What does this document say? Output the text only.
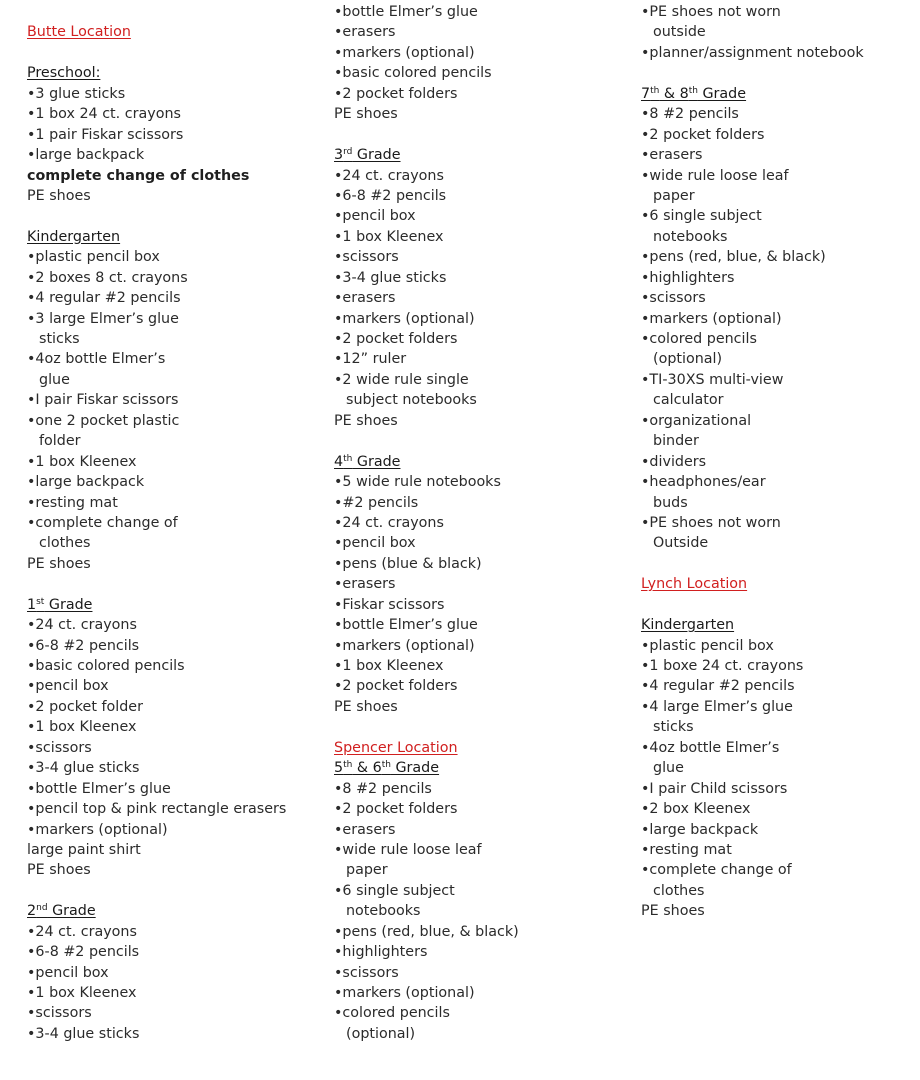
Butte Location
Preschool:
•3 glue sticks
•1 box 24 ct. crayons
•1 pair Fiskar scissors
•large backpack
complete change of clothes
PE shoes
Kindergarten
•plastic pencil box
•2 boxes 8 ct. crayons
•4 regular #2 pencils
•3 large Elmer’s glue
sticks
•4oz bottle Elmer’s
glue
•I pair Fiskar scissors
•one 2 pocket plastic
folder
•1 box Kleenex
•large backpack
•resting mat
•complete change of
clothes
PE shoes
1st Grade
•24 ct. crayons
•6-8 #2 pencils
•basic colored pencils
•pencil box
•2 pocket folder
•1 box Kleenex
•scissors
•3-4 glue sticks
•bottle Elmer’s glue
•pencil top & pink rectangle erasers
•markers (optional)
large paint shirt
PE shoes
2nd Grade
•24 ct. crayons
•6-8 #2 pencils
•pencil box
•1 box Kleenex
•scissors
•3-4 glue sticks
•bottle Elmer’s glue
•erasers
•markers (optional)
•basic colored pencils
•2 pocket folders
PE shoes
3rd Grade
•24 ct. crayons
•6-8 #2 pencils
•pencil box
•1 box Kleenex
•scissors
•3-4 glue sticks
•erasers
•markers (optional)
•2 pocket folders
•12” ruler
•2 wide rule single
subject notebooks
PE shoes
4th Grade
•5 wide rule notebooks
•#2 pencils
•24 ct. crayons
•pencil box
•pens (blue & black)
•erasers
•Fiskar scissors
•bottle Elmer’s glue
•markers (optional)
•1 box Kleenex
•2 pocket folders
PE shoes
Spencer Location
5th & 6th Grade
•8 #2 pencils
•2 pocket folders
•erasers
•wide rule loose leaf
paper
•6 single subject
notebooks
•pens (red, blue, & black)
•highlighters
•scissors
•markers (optional)
•colored pencils
(optional)
•PE shoes not worn
outside
•planner/assignment notebook
7th & 8th Grade
•8 #2 pencils
•2 pocket folders
•erasers
•wide rule loose leaf
paper
•6 single subject
notebooks
•pens (red, blue, & black)
•highlighters
•scissors
•markers (optional)
•colored pencils
(optional)
•TI-30XS multi-view
calculator
•organizational
binder
•dividers
•headphones/ear
buds
•PE shoes not worn
Outside
Lynch Location
Kindergarten
•plastic pencil box
•1 boxe 24 ct. crayons
•4 regular #2 pencils
•4 large Elmer’s glue
sticks
•4oz bottle Elmer’s
glue
•I pair Child scissors
•2 box Kleenex
•large backpack
•resting mat
•complete change of
clothes
PE shoes
